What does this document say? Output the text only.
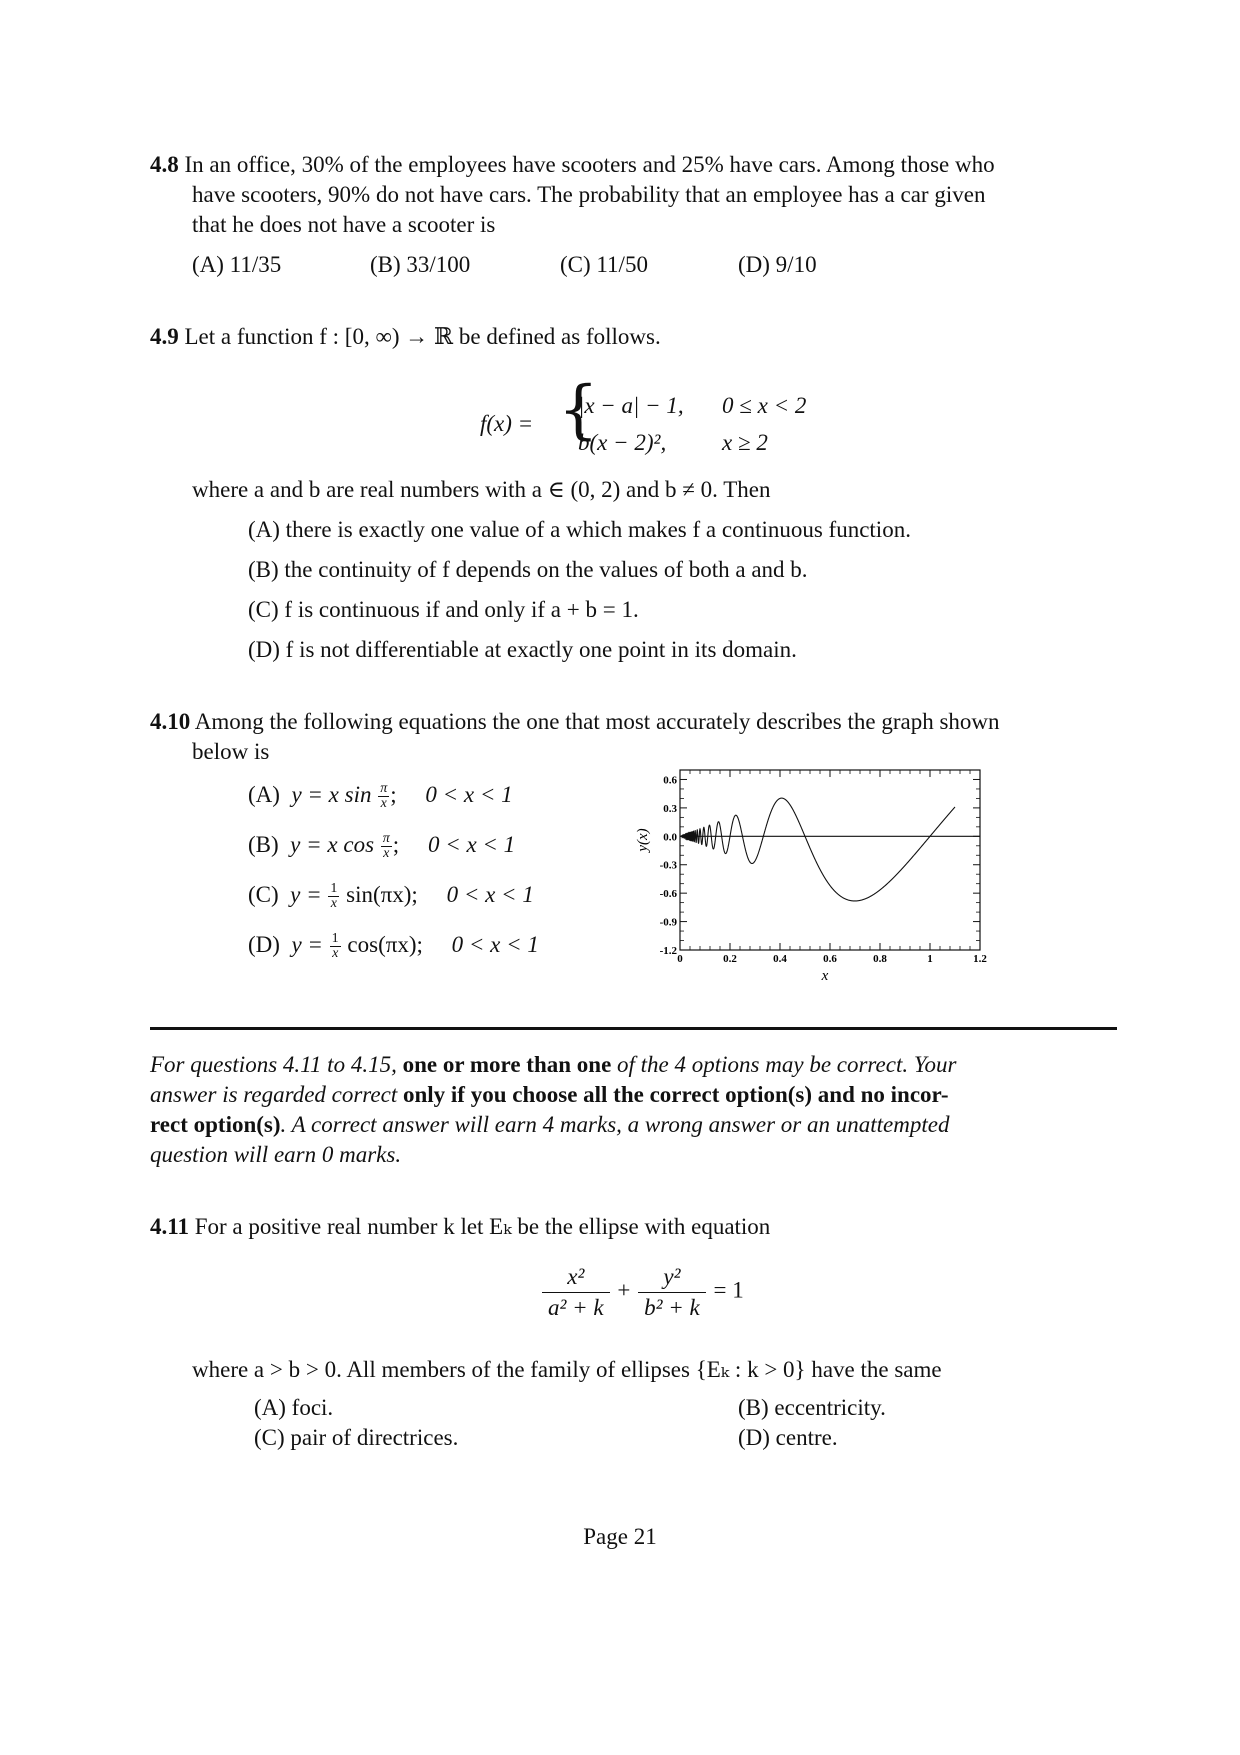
4.8 In an office, 30% of the employees have scooters and 25% have cars. Among those who
have scooters, 90% do not have cars. The probability that an employee has a car given
that he does not have a scooter is
(A) 11/35	(B) 33/100	(C) 11/50	(D) 9/10
4.9 Let a function f : [0, ∞) → ℝ be defined as follows.
f(x) = {
|x − a| − 1, 0 ≤ x < 2
b(x − 2)², x ≥ 2
where a and b are real numbers with a ∈ (0, 2) and b ≠ 0. Then
(A) there is exactly one value of a which makes f a continuous function.
(B) the continuity of f depends on the values of both a and b.
(C) f is continuous if and only if a + b = 1.
(D) f is not differentiable at exactly one point in its domain.
4.10 Among the following equations the one that most accurately describes the graph shown
below is
(A) y = x $\sin \frac{\pi}{x}$ ; 0 < x < 1
(B) y = x $\cos \frac{\pi}{x}$ ; 0 < x < 1
(C) $y = \frac{1}{x} \sin(\pi x)$; 0 < x < 1
(D) $y = \frac{1}{x} \cos(\pi x)$; 0 < x < 1
0	0.2	0.4	0.6	0.8	1	1.2
0.6
0.3
0.0
-0.3
-0.6
-0.9
-1.2
x
y(x)
For questions 4.11 to 4.15, one or more than one of the 4 options may be correct. Your
answer is regarded correct only if you choose all the correct option(s) and no incor-
rect option(s). A correct answer will earn 4 marks, a wrong answer or an unattempted
question will earn 0 marks.
4.11 For a positive real number k let Eₖ be the ellipse with equation
$\frac{\text{x²}}{\text{a² + k}} + \frac{\text{y²}}{\text{b² + k}} = 1$
where a > b > 0. All members of the family of ellipses {Eₖ : k > 0} have the same
(A) foci.	(B) eccentricity.
(C) pair of directrices.	(D) centre.
Page 21
